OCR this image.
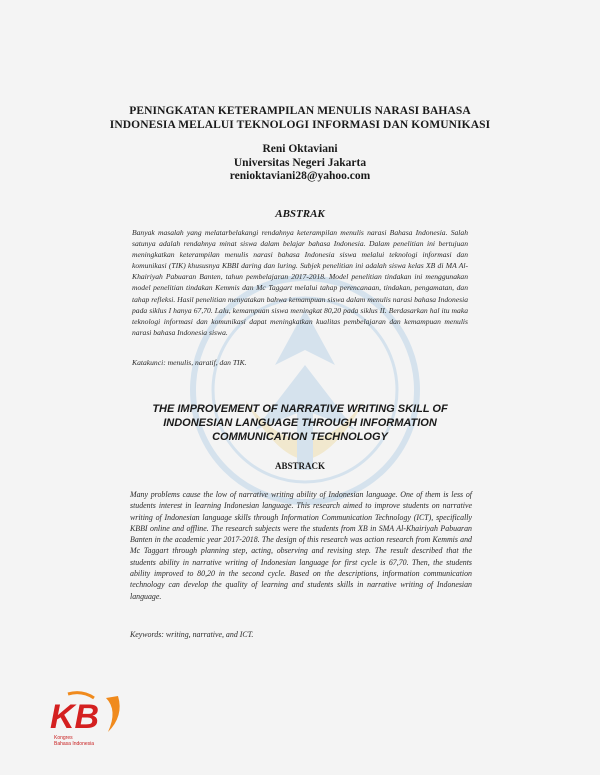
PENINGKATAN KETERAMPILAN MENULIS NARASI BAHASA
INDONESIA MELALUI TEKNOLOGI INFORMASI DAN KOMUNIKASI
Reni Oktaviani
Universitas Negeri Jakarta
renioktaviani28@yahoo.com
ABSTRAK
Banyak masalah yang melatarbelakangi rendahnya keterampilan menulis narasi Bahasa Indonesia. Salah satunya adalah rendahnya minat siswa dalam belajar bahasa Indonesia. Dalam penelitian ini bertujuan meningkatkan keterampilan menulis narasi bahasa Indonesia siswa melalui teknologi informasi dan komunikasi (TIK) khususnya KBBI daring dan luring. Subjek penelitian ini adalah siswa kelas XB di MA Al-Khairiyah Pabuaran Banten, tahun pembelajaran 2017-2018. Model penelitian tindakan ini menggunakan model penelitian tindakan Kemmis dan Mc Taggart melalui tahap perencanaan, tindakan, pengamatan, dan tahap refleksi. Hasil penelitian menyatakan bahwa kemampuan siswa dalam menulis narasi bahasa Indonesia pada siklus I hanya 67,70. Lalu, kemampuan siswa meningkat 80,20 pada siklus II. Berdasarkan hal itu maka teknologi informasi dan komunikasi dapat meningkatkan kualitas pembelajaran dan kemampuan menulis narasi bahasa Indonesia siswa.
Katakunci: menulis, naratif, dan TIK.
THE IMPROVEMENT OF NARRATIVE WRITING SKILL OF
INDONESIAN LANGUAGE THROUGH INFORMATION
COMMUNICATION TECHNOLOGY
ABSTRACK
Many problems cause the low of narrative writing ability of Indonesian language. One of them is less of students interest in learning Indonesian language. This research aimed to improve students on narrative writing of Indonesian language skills through Information Communication Technology (ICT), specifically KBBI online and offline. The research subjects were the students from XB in SMA Al-Khairiyah Pabuaran Banten in the academic year 2017-2018. The design of this research was action research from Kemmis and Mc Taggart through planning step, acting, observing and revising step. The result described that the students ability in narrative writing of Indonesian language for first cycle is 67,70. Then, the students ability improved to 80,20 in the second cycle. Based on the descriptions, information communication technology can develop the quality of learning and students skills in narrative writing of Indonesian language.
Keywords: writing, narrative, and ICT.
KB
Kongres
Bahasa Indonesia
